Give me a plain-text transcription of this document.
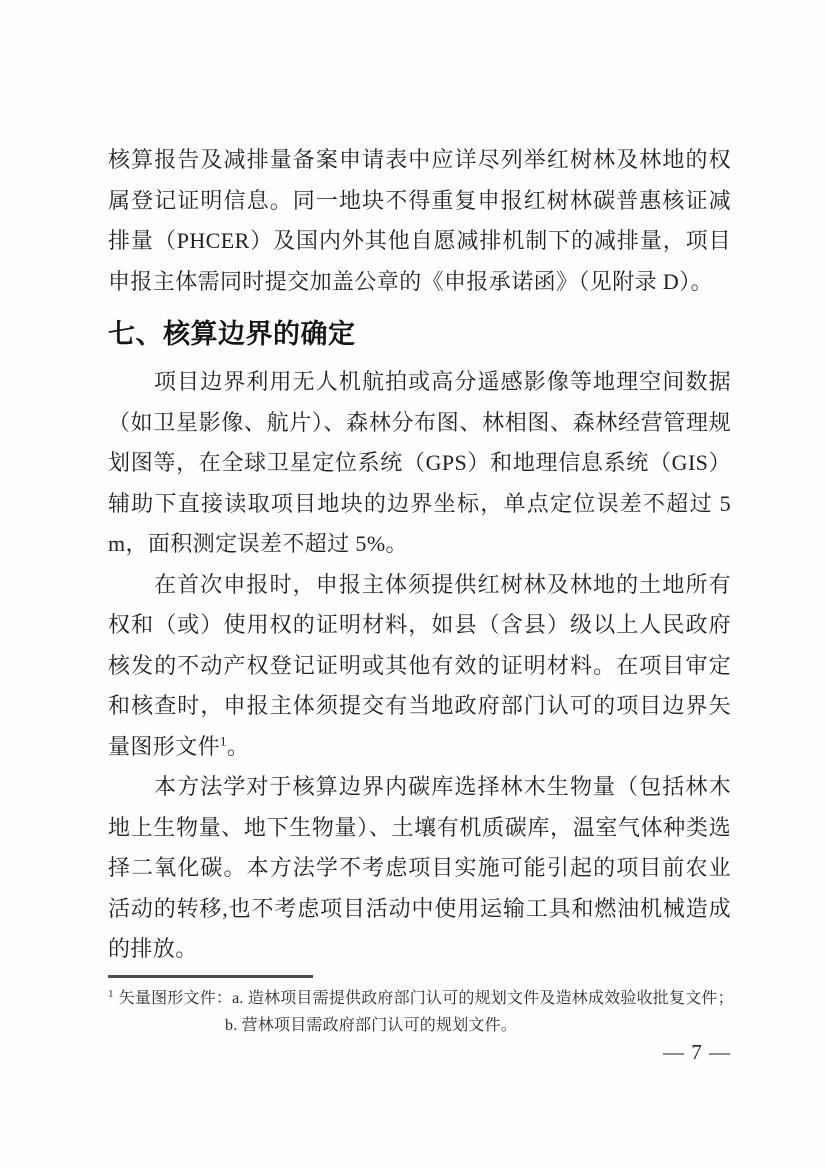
核算报告及减排量备案申请表中应详尽列举红树林及林地的权属登记证明信息。同一地块不得重复申报红树林碳普惠核证减排量（PHCER）及国内外其他自愿减排机制下的减排量，项目申报主体需同时提交加盖公章的《申报承诺函》（见附录 D）。

七、核算边界的确定

项目边界利用无人机航拍或高分遥感影像等地理空间数据（如卫星影像、航片）、森林分布图、林相图、森林经营管理规划图等，在全球卫星定位系统（GPS）和地理信息系统（GIS）辅助下直接读取项目地块的边界坐标，单点定位误差不超过 5 m，面积测定误差不超过 5%。

在首次申报时，申报主体须提供红树林及林地的土地所有权和（或）使用权的证明材料，如县（含县）级以上人民政府核发的不动产权登记证明或其他有效的证明材料。在项目审定和核查时，申报主体须提交有当地政府部门认可的项目边界矢量图形文件$^1$。

本方法学对于核算边界内碳库选择林木生物量（包括林木地上生物量、地下生物量）、土壤有机质碳库，温室气体种类选择二氧化碳。本方法学不考虑项目实施可能引起的项目前农业活动的转移,也不考虑项目活动中使用运输工具和燃油机械造成的排放。

$^1$ 矢量图形文件：a. 造林项目需提供政府部门认可的规划文件及造林成效验收批复文件；
b. 营林项目需政府部门认可的规划文件。
— 7 —
